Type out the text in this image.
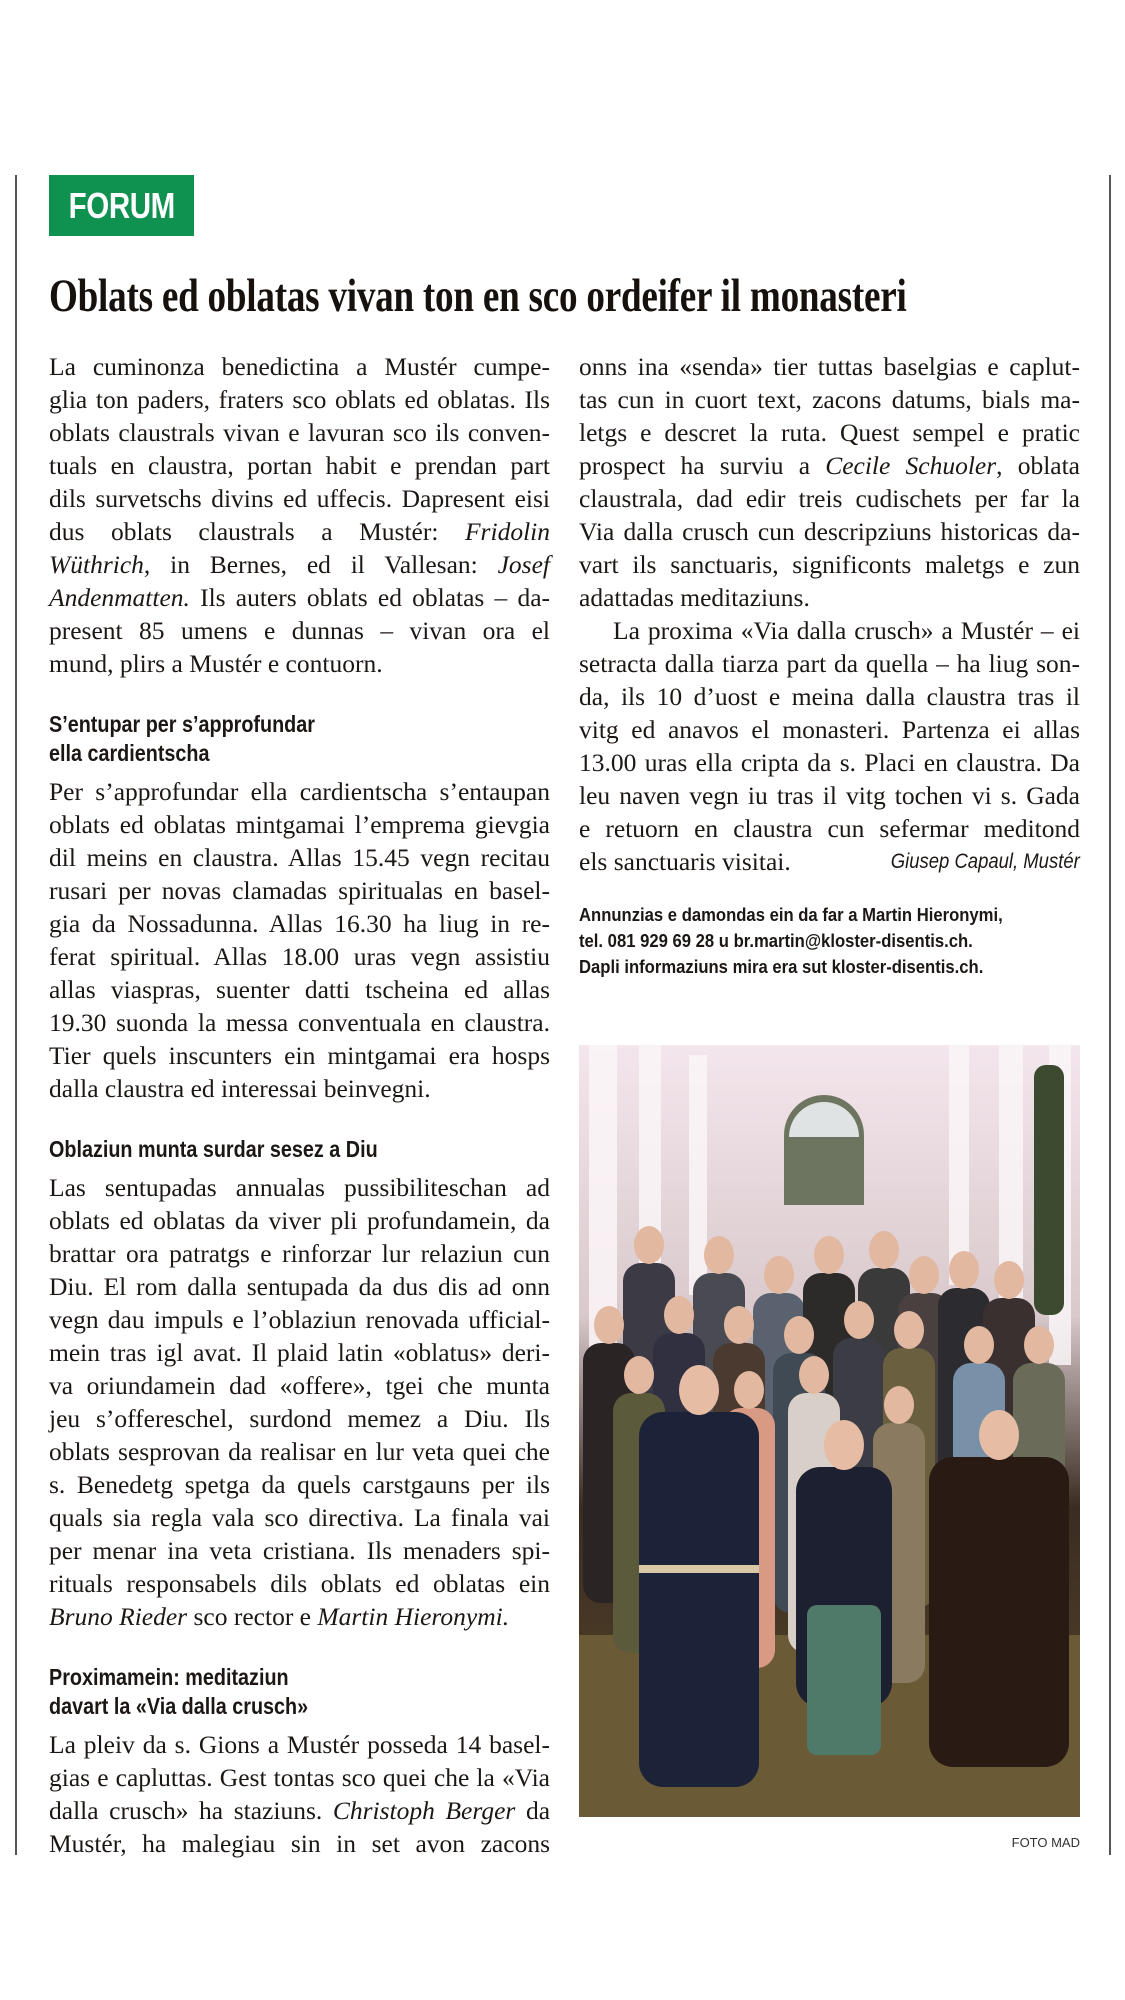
FORUM
Oblats ed oblatas vivan ton en sco ordeifer il monasteri
La cuminonza benedictina a Mustér cumpe-
glia ton paders, fraters sco oblats ed oblatas. Ils
oblats claustrals vivan e lavuran sco ils conven-
tuals en claustra, portan habit e prendan part
dils survetschs divins ed uffecis. Dapresent eisi
dus oblats claustrals a Mustér: Fridolin
Wüthrich, in Bernes, ed il Vallesan: Josef
Andenmatten. Ils auters oblats ed oblatas – da-
present 85 umens e dunnas – vivan ora el
mund, plirs a Mustér e contuorn.
S’entupar per s’approfundar
ella cardientscha
Per s’approfundar ella cardientscha s’entaupan
oblats ed oblatas mintgamai l’emprema gievgia
dil meins en claustra. Allas 15.45 vegn recitau
rusari per novas clamadas spiritualas en basel-
gia da Nossadunna. Allas 16.30 ha liug in re-
ferat spiritual. Allas 18.00 uras vegn assistiu
allas viaspras, suenter datti tscheina ed allas
19.30 suonda la messa conventuala en claustra.
Tier quels inscunters ein mintgamai era hosps
dalla claustra ed interessai beinvegni.
Oblaziun munta surdar sesez a Diu
Las sentupadas annualas pussibiliteschan ad
oblats ed oblatas da viver pli profundamein, da
brattar ora patratgs e rinforzar lur relaziun cun
Diu. El rom dalla sentupada da dus dis ad onn
vegn dau impuls e l’oblaziun renovada ufficial-
mein tras igl avat. Il plaid latin «oblatus» deri-
va oriundamein dad «offere», tgei che munta
jeu s’offereschel, surdond memez a Diu. Ils
oblats sesprovan da realisar en lur veta quei che
s. Benedetg spetga da quels carstgauns per ils
quals sia regla vala sco directiva. La finala vai
per menar ina veta cristiana. Ils menaders spi-
rituals responsabels dils oblats ed oblatas ein
Bruno Rieder sco rector e Martin Hieronymi.
Proximamein: meditaziun
davart la «Via dalla crusch»
La pleiv da s. Gions a Mustér posseda 14 basel-
gias e capluttas. Gest tontas sco quei che la «Via
dalla crusch» ha staziuns. Christoph Berger da
Mustér, ha malegiau sin in set avon zacons
onns ina «senda» tier tuttas baselgias e caplut-
tas cun in cuort text, zacons datums, bials ma-
letgs e descret la ruta. Quest sempel e pratic
prospect ha surviu a Cecile Schuoler, oblata
claustrala, dad edir treis cudischets per far la
Via dalla crusch cun descripziuns historicas da-
vart ils sanctuaris, significonts maletgs e zun
adattadas meditaziuns.
La proxima «Via dalla crusch» a Mustér – ei
setracta dalla tiarza part da quella – ha liug son-
da, ils 10 d’uost e meina dalla claustra tras il
vitg ed anavos el monasteri. Partenza ei allas
13.00 uras ella cripta da s. Placi en claustra. Da
leu naven vegn iu tras il vitg tochen vi s. Gada
e retuorn en claustra cun sefermar meditond
els sanctuaris visitai.	Giusep Capaul, Mustér
Annunzias e damondas ein da far a Martin Hieronymi,
tel. 081 929 69 28 u br.martin@kloster-disentis.ch.
Dapli informaziuns mira era sut kloster-disentis.ch.
FOTO MAD
